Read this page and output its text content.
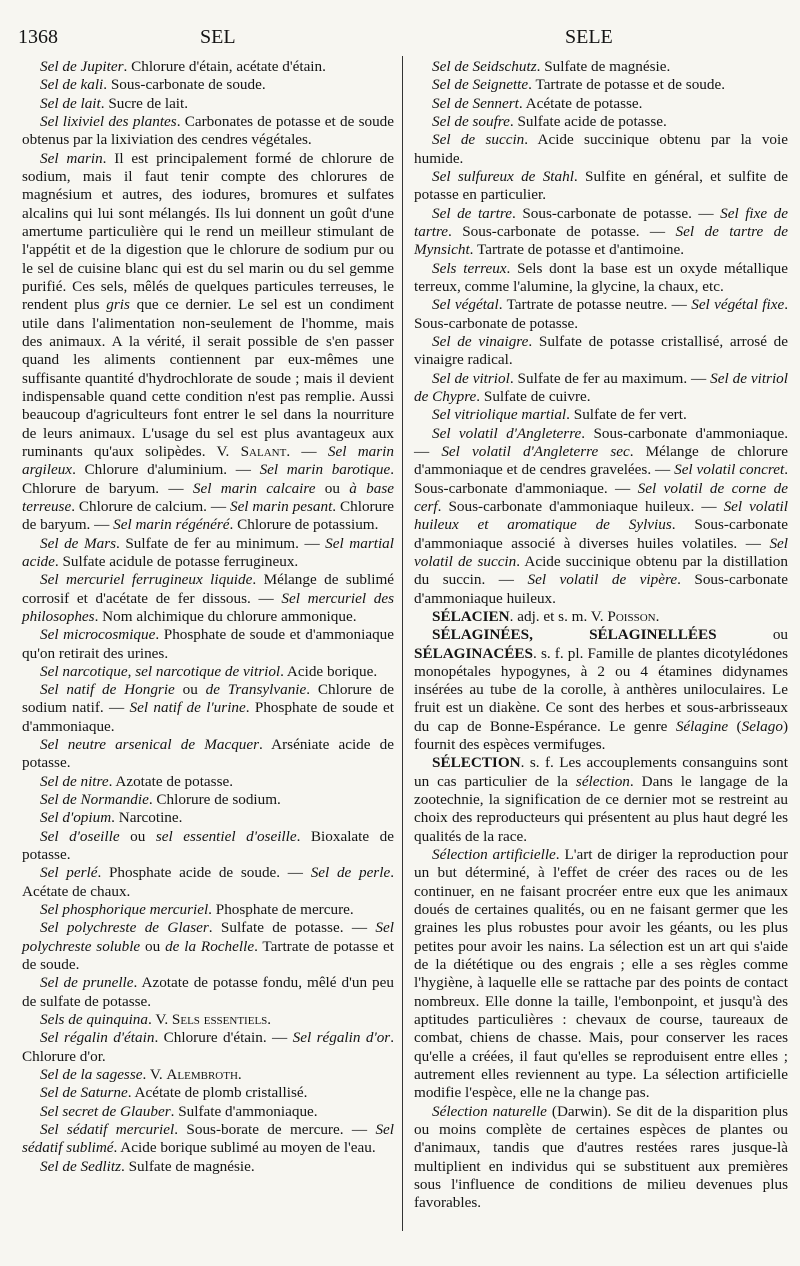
1368	SEL	SELE

Sel de Jupiter. Chlorure d'étain, acétate d'étain.

Sel de kali. Sous-carbonate de soude.

Sel de lait. Sucre de lait.

Sel lixiviel des plantes. Carbonates de potasse et de soude obtenus par la lixiviation des cendres végétales.

Sel marin. Il est principalement formé de chlorure de sodium, mais il faut tenir compte des chlorures de magnésium et autres, des iodures, bromures et sulfates alcalins qui lui sont mélangés. Ils lui donnent un goût d'une amertume particulière qui le rend un meilleur stimulant de l'appétit et de la digestion que le chlorure de sodium pur ou le sel de cuisine blanc qui est du sel marin ou du sel gemme purifié. Ces sels, mêlés de quelques particules terreuses, le rendent plus gris que ce dernier. Le sel est un condiment utile dans l'alimentation non-seulement de l'homme, mais des animaux. A la vérité, il serait possible de s'en passer quand les aliments contiennent par eux-mêmes une suffisante quantité d'hydrochlorate de soude ; mais il devient indispensable quand cette condition n'est pas remplie. Aussi beaucoup d'agriculteurs font entrer le sel dans la nourriture de leurs animaux. L'usage du sel est plus avantageux aux ruminants qu'aux solipèdes. V. Salant. — Sel marin argileux. Chlorure d'aluminium. — Sel marin barotique. Chlorure de baryum. — Sel marin calcaire ou à base terreuse. Chlorure de calcium. — Sel marin pesant. Chlorure de baryum. — Sel marin régénéré. Chlorure de potassium.

Sel de Mars. Sulfate de fer au minimum. — Sel martial acide. Sulfate acidule de potasse ferrugineux.

Sel mercuriel ferrugineux liquide. Mélange de sublimé corrosif et d'acétate de fer dissous. — Sel mercuriel des philosophes. Nom alchimique du chlorure ammonique.

Sel microcosmique. Phosphate de soude et d'ammoniaque qu'on retirait des urines.

Sel narcotique, sel narcotique de vitriol. Acide borique.

Sel natif de Hongrie ou de Transylvanie. Chlorure de sodium natif. — Sel natif de l'urine. Phosphate de soude et d'ammoniaque.

Sel neutre arsenical de Macquer. Arséniate acide de potasse.

Sel de nitre. Azotate de potasse.

Sel de Normandie. Chlorure de sodium.

Sel d'opium. Narcotine.

Sel d'oseille ou sel essentiel d'oseille. Bioxalate de potasse.

Sel perlé. Phosphate acide de soude. — Sel de perle. Acétate de chaux.

Sel phosphorique mercuriel. Phosphate de mercure.

Sel polychreste de Glaser. Sulfate de potasse. — Sel polychreste soluble ou de la Rochelle. Tartrate de potasse et de soude.

Sel de prunelle. Azotate de potasse fondu, mêlé d'un peu de sulfate de potasse.

Sels de quinquina. V. Sels essentiels.

Sel régalin d'étain. Chlorure d'étain. — Sel régalin d'or. Chlorure d'or.

Sel de la sagesse. V. Alembroth.

Sel de Saturne. Acétate de plomb cristallisé.

Sel secret de Glauber. Sulfate d'ammoniaque.

Sel sédatif mercuriel. Sous-borate de mercure. — Sel sédatif sublimé. Acide borique sublimé au moyen de l'eau.

Sel de Sedlitz. Sulfate de magnésie.

Sel de Seidschutz. Sulfate de magnésie.

Sel de Seignette. Tartrate de potasse et de soude.

Sel de Sennert. Acétate de potasse.

Sel de soufre. Sulfate acide de potasse.

Sel de succin. Acide succinique obtenu par la voie humide.

Sel sulfureux de Stahl. Sulfite en général, et sulfite de potasse en particulier.

Sel de tartre. Sous-carbonate de potasse. — Sel fixe de tartre. Sous-carbonate de potasse. — Sel de tartre de Mynsicht. Tartrate de potasse et d'antimoine.

Sels terreux. Sels dont la base est un oxyde métallique terreux, comme l'alumine, la glycine, la chaux, etc.

Sel végétal. Tartrate de potasse neutre. — Sel végétal fixe. Sous-carbonate de potasse.

Sel de vinaigre. Sulfate de potasse cristallisé, arrosé de vinaigre radical.

Sel de vitriol. Sulfate de fer au maximum. — Sel de vitriol de Chypre. Sulfate de cuivre.

Sel vitriolique martial. Sulfate de fer vert.

Sel volatil d'Angleterre. Sous-carbonate d'ammoniaque. — Sel volatil d'Angleterre sec. Mélange de chlorure d'ammoniaque et de cendres gravelées. — Sel volatil concret. Sous-carbonate d'ammoniaque. — Sel volatil de corne de cerf. Sous-carbonate d'ammoniaque huileux. — Sel volatil huileux et aromatique de Sylvius. Sous-carbonate d'ammoniaque associé à diverses huiles volatiles. — Sel volatil de succin. Acide succinique obtenu par la distillation du succin. — Sel volatil de vipère. Sous-carbonate d'ammoniaque huileux.

SÉLACIEN. adj. et s. m. V. Poisson.

SÉLAGINÉES, SÉLAGINELLÉES ou SÉLAGINACÉES. s. f. pl. Famille de plantes dicotylédones monopétales hypogynes, à 2 ou 4 étamines didynames insérées au tube de la corolle, à anthères uniloculaires. Le fruit est un diakène. Ce sont des herbes et sous-arbrisseaux du cap de Bonne-Espérance. Le genre Sélagine (Selago) fournit des espèces vermifuges.

SÉLECTION. s. f. Les accouplements consanguins sont un cas particulier de la sélection. Dans le langage de la zootechnie, la signification de ce dernier mot se restreint au choix des reproducteurs qui présentent au plus haut degré les qualités de la race.

Sélection artificielle. L'art de diriger la reproduction pour un but déterminé, à l'effet de créer des races ou de les continuer, en ne faisant procréer entre eux que les animaux doués de certaines qualités, ou en ne faisant germer que les graines les plus robustes pour avoir les géants, ou les plus petites pour avoir les nains. La sélection est un art qui s'aide de la diététique ou des engrais ; elle a ses règles comme l'hygiène, à laquelle elle se rattache par des points de contact nombreux. Elle donne la taille, l'embonpoint, et jusqu'à des aptitudes particulières : chevaux de course, taureaux de combat, chiens de chasse. Mais, pour conserver les races qu'elle a créées, il faut qu'elles se reproduisent entre elles ; autrement elles reviennent au type. La sélection artificielle modifie l'espèce, elle ne la change pas.

Sélection naturelle (Darwin). Se dit de la disparition plus ou moins complète de certaines espèces de plantes ou d'animaux, tandis que d'autres restées rares jusque-là multiplient en individus qui se substituent aux premières sous l'influence de conditions de milieu devenues plus favorables.
